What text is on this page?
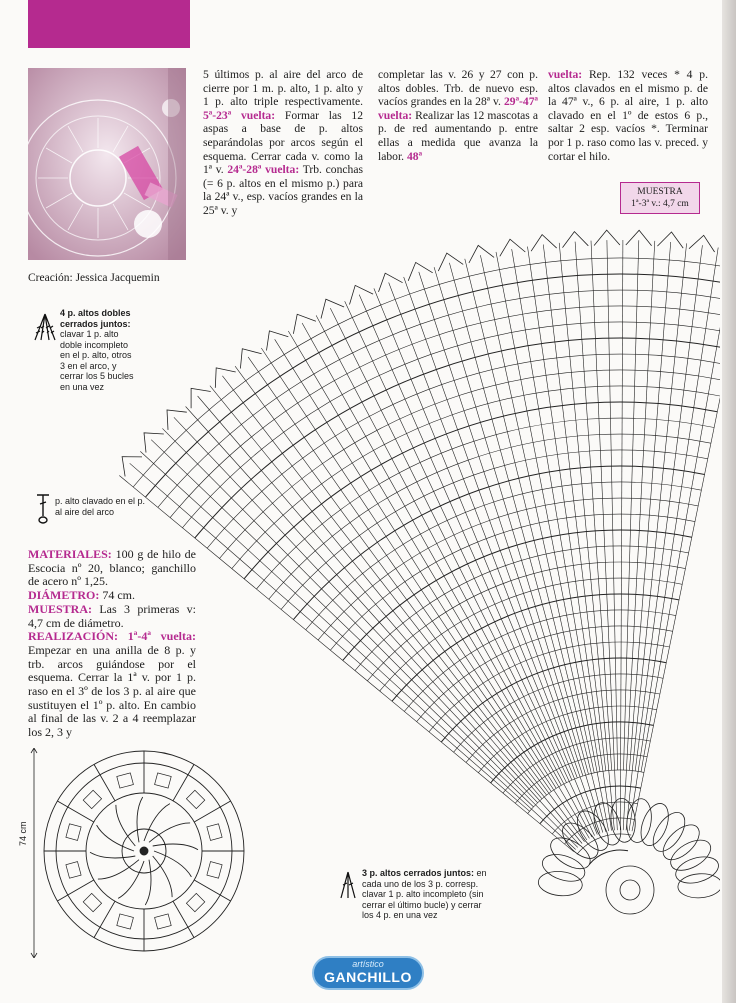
Creación: Jessica Jacquemin

5 últimos p. al aire del arco de cierre por 1 m. p. alto, 1 p. alto y 1 p. alto triple respectivamente. 5ª-23ª vuelta: Formar las 12 aspas a base de p. altos separándolas por arcos según el esquema. Cerrar cada v. como la 1ª v. 24ª-28ª vuelta: Trb. conchas (= 6 p. altos en el mismo p.) para la 24ª v., esp. vacíos grandes en la 25ª v. y

completar las v. 26 y 27 con p. altos dobles. Trb. de nuevo esp. vacíos grandes en la 28ª v. 29ª-47ª vuelta: Realizar las 12 mascotas a p. de red aumentando p. entre ellas a medida que avanza la labor. 48ª

vuelta: Rep. 132 veces * 4 p. altos clavados en el mismo p. de la 47ª v., 6 p. al aire, 1 p. alto clavado en el 1º de estos 6 p., saltar 2 esp. vacíos *. Terminar por 1 p. raso como las v. preced. y cortar el hilo.

MUESTRA
1ª-3ª v.: 4,7 cm
4 p. altos dobles cerrados juntos: clavar 1 p. alto doble incompleto en el p. alto, otros 3 en el arco, y cerrar los 5 bucles en una vez
p. alto clavado en el p. al aire del arco
MATERIALES: 100 g de hilo de Escocia nº 20, blanco; ganchillo de acero nº 1,25.
DIÁMETRO: 74 cm.
MUESTRA: Las 3 primeras v: 4,7 cm de diámetro.
REALIZACIÓN: 1ª-4ª vuelta: Empezar en una anilla de 8 p. y trb. arcos guiándose por el esquema. Cerrar la 1ª v. por 1 p. raso en el 3º de los 3 p. al aire que sustituyen el 1º p. alto. En cambio al final de las v. 2 a 4 reemplazar los 2, 3 y

74 cm
3 p. altos cerrados juntos: en cada uno de los 3 p. corresp. clavar 1 p. alto incompleto (sin cerrar el último bucle) y cerrar los 4 p. en una vez
artístico
GANCHILLO
